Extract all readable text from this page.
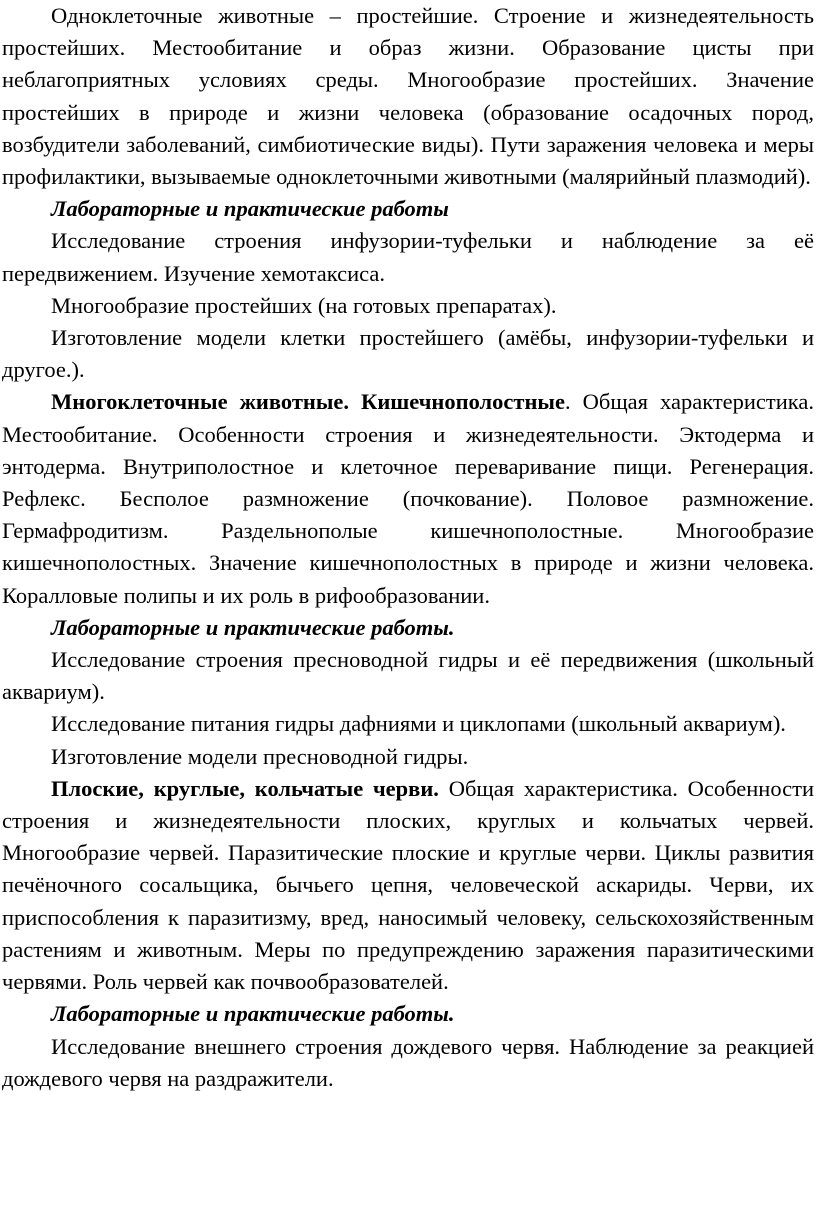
Одноклеточные животные – простейшие. Строение и жизнедеятельность простейших. Местообитание и образ жизни. Образование цисты при неблагоприятных условиях среды. Многообразие простейших. Значение простейших в природе и жизни человека (образование осадочных пород, возбудители заболеваний, симбиотические виды). Пути заражения человека и меры профилактики, вызываемые одноклеточными животными (малярийный плазмодий).

Лабораторные и практические работы

Исследование строения инфузории-туфельки и наблюдение за её передвижением. Изучение хемотаксиса.

Многообразие простейших (на готовых препаратах).

Изготовление модели клетки простейшего (амёбы, инфузории-туфельки и другое.).

Многоклеточные животные. Кишечнополостные. Общая характеристика. Местообитание. Особенности строения и жизнедеятельности. Эктодерма и энтодерма. Внутриполостное и клеточное переваривание пищи. Регенерация. Рефлекс. Бесполое размножение (почкование). Половое размножение. Гермафродитизм. Раздельнополые кишечнополостные. Многообразие кишечнополостных. Значение кишечнополостных в природе и жизни человека. Коралловые полипы и их роль в рифообразовании.

Лабораторные и практические работы.

Исследование строения пресноводной гидры и её передвижения (школьный аквариум).

Исследование питания гидры дафниями и циклопами (школьный аквариум).

Изготовление модели пресноводной гидры.

Плоские, круглые, кольчатые черви. Общая характеристика. Особенности строения и жизнедеятельности плоских, круглых и кольчатых червей. Многообразие червей. Паразитические плоские и круглые черви. Циклы развития печёночного сосальщика, бычьего цепня, человеческой аскариды. Черви, их приспособления к паразитизму, вред, наносимый человеку, сельскохозяйственным растениям и животным. Меры по предупреждению заражения паразитическими червями. Роль червей как почвообразователей.

Лабораторные и практические работы.

Исследование внешнего строения дождевого червя. Наблюдение за реакцией дождевого червя на раздражители.
